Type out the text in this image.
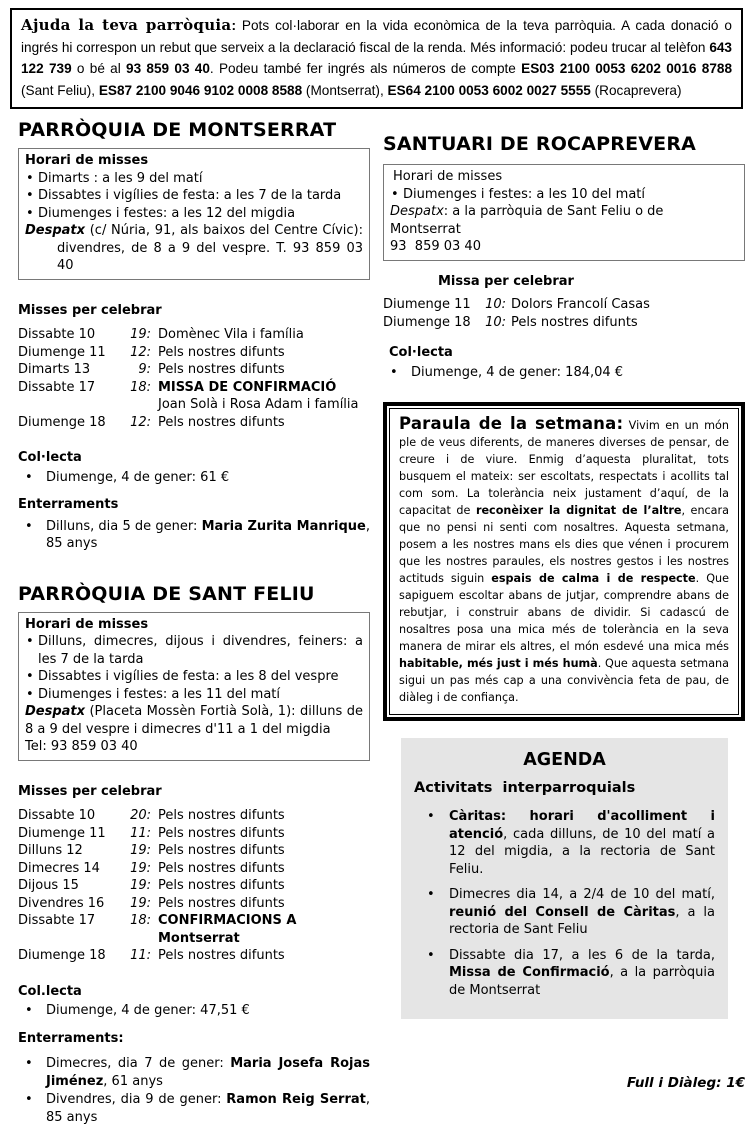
Ajuda la teva parròquia: Pots col·laborar en la vida econòmica de la teva parròquia. A cada donació o ingrés hi correspon un rebut que serveix a la declaració fiscal de la renda. Més informació: podeu trucar al telèfon 643 122 739 o bé al 93 859 03 40. Podeu també fer ingrés als números de compte ES03 2100 0053 6202 0016 8788 (Sant Feliu), ES87 2100 9046 9102 0008 8588 (Montserrat), ES64 2100 0053 6002 0027 5555 (Rocaprevera)
PARRÒQUIA DE MONTSERRAT
Horari de misses
• Dimarts : a les 9 del matí
• Dissabtes i vigílies de festa: a les 7 de la tarda
• Diumenges i festes: a les 12 del migdia
Despatx (c/ Núria, 91, als baixos del Centre Cívic): divendres, de 8 a 9 del vespre. T. 93 859 03 40
Misses per celebrar
Dissabte 10	19: Domènec Vila i família
Diumenge 11	12: Pels nostres difunts
Dimarts 13	9: Pels nostres difunts
Dissabte 17	18: MISSA DE CONFIRMACIÓ
Joan Solà i Rosa Adam i família
Diumenge 18	12: Pels nostres difunts
Col·lecta
• Diumenge, 4 de gener: 61 €
Enterraments
• Dilluns, dia 5 de gener: Maria Zurita Manrique, 85 anys
PARRÒQUIA DE SANT FELIU
Horari de misses
• Dilluns, dimecres, dijous i divendres, feiners: a les 7 de la tarda
• Dissabtes i vigílies de festa: a les 8 del vespre
• Diumenges i festes: a les 11 del matí
Despatx (Placeta Mossèn Fortià Solà, 1): dilluns de 8 a 9 del vespre i dimecres d'11 a 1 del migdia
Tel: 93 859 03 40
Misses per celebrar
Dissabte 10	20: Pels nostres difunts
Diumenge 11	11: Pels nostres difunts
Dilluns 12	19: Pels nostres difunts
Dimecres 14	19: Pels nostres difunts
Dijous 15	19: Pels nostres difunts
Divendres 16	19: Pels nostres difunts
Dissabte 17	18: CONFIRMACIONS A Montserrat
Diumenge 18	11: Pels nostres difunts
Col.lecta
• Diumenge, 4 de gener: 47,51 €
Enterraments:
• Dimecres, dia 7 de gener: Maria Josefa Rojas Jiménez, 61 anys
• Divendres, dia 9 de gener: Ramon Reig Serrat, 85 anys
SANTUARI DE ROCAPREVERA
Horari de misses
• Diumenges i festes: a les 10 del matí
Despatx: a la parròquia de Sant Feliu o de Montserrat
93  859 03 40
Missa per celebrar
Diumenge 11	10: Dolors Francolí Casas
Diumenge 18	10: Pels nostres difunts
Col·lecta
• Diumenge, 4 de gener: 184,04 €
Paraula de la setmana: Vivim en un món ple de veus diferents, de maneres diverses de pensar, de creure i de viure. Enmig d’aquesta pluralitat, tots busquem el mateix: ser escoltats, respectats i acollits tal com som. La tolerància neix justament d’aquí, de la capacitat de reconèixer la dignitat de l’altre, encara que no pensi ni senti com nosaltres. Aquesta setmana, posem a les nostres mans els dies que vénen i procurem que les nostres paraules, els nostres gestos i les nostres actituds siguin espais de calma i de respecte. Que sapiguem escoltar abans de jutjar, comprendre abans de rebutjar, i construir abans de dividir. Si cadascú de nosaltres posa una mica més de tolerància en la seva manera de mirar els altres, el món esdevé una mica més habitable, més just i més humà. Que aquesta setmana sigui un pas més cap a una convivència feta de pau, de diàleg i de confiança.
AGENDA
Activitats  interparroquials
• Càritas: horari d'acolliment i atenció, cada dilluns, de 10 del matí a 12 del migdia, a la rectoria de Sant Feliu.
• Dimecres dia 14, a 2/4 de 10 del matí, reunió del Consell de Càritas, a la rectoria de Sant Feliu
• Dissabte dia 17, a les 6 de la tarda, Missa de Confirmació, a la parròquia de Montserrat
Full i Diàleg: 1€
